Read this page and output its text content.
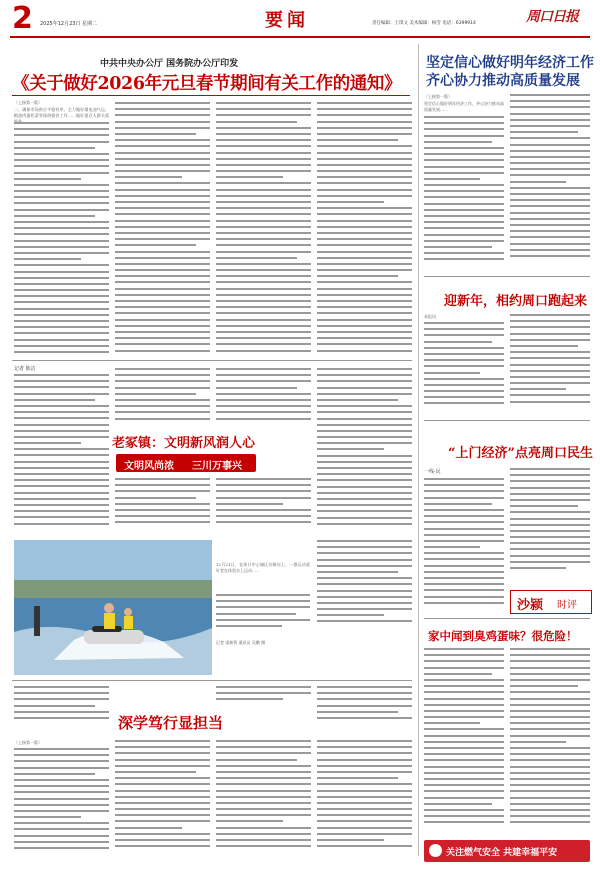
2 2025年12月23日 星期二	要闻	责任编辑：王琪文 美术编辑：杨雪 电话：6399914	周口日报
中共中央办公厅 国务院办公厅印发
《关于做好2026年元旦春节期间有关工作的通知》
（上接第一版）
二、确保市场供应平稳有序。全力做好煤电油气运、粮油肉蛋奶菜等保供稳价工作……做好重点人群关爱
坚定信心做好明年经济工作
齐心协力推动高质量发展
（上接第一版）
坚定信心做好明年经济工作，齐心协力推动高质量发展……
迎新年，相约周口跑起来
本报讯
记者 陈洁
老冢镇：文明新风润人心
文明风尚浓 三川万事兴
12月21日，在周口中心城区沙颍河上，一群运动爱好者在体验水上运动……
记者 梁新智 通讯员 吴鹏 摄
“上门经济”点亮周口民生
一线·民
沙颍 时评
家中闻到臭鸡蛋味？很危险！
深学笃行显担当
（上接第一版）
关注燃气安全 共建幸福平安
